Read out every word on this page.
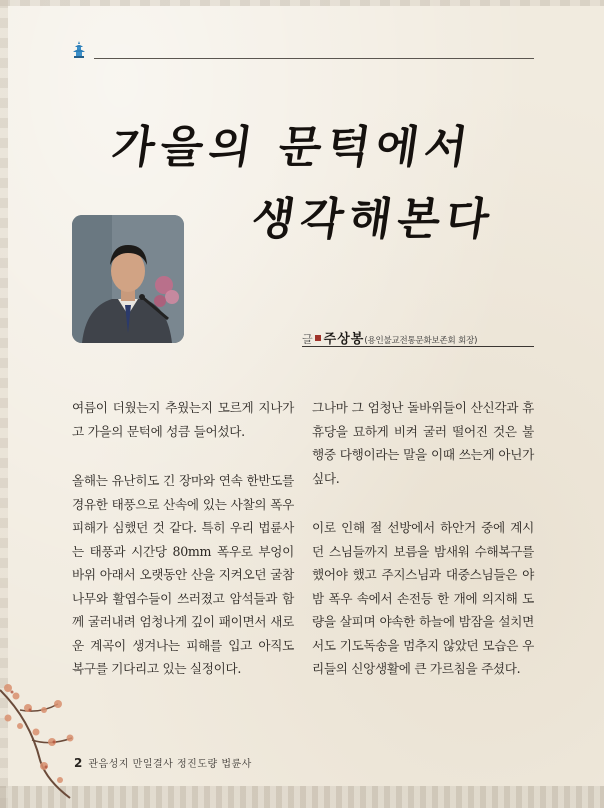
가을의 문턱에서
생각해본다
글 주상봉(용인불교전통문화보존회 회장)

여름이 더웠는지 추웠는지 모르게 지나가고 가을의 문턱에 성큼 들어섰다.

올해는 유난히도 긴 장마와 연속 한반도를 경유한 태풍으로 산속에 있는 사찰의 폭우피해가 심했던 것 같다. 특히 우리 법륜사는 태풍과 시간당 80mm 폭우로 부엉이바위 아래서 오랫동안 산을 지켜오던 굴참나무와 활엽수들이 쓰러졌고 암석들과 함께 굴러내려 엄청나게 깊이 패이면서 새로운 계곡이 생겨나는 피해를 입고 아직도 복구를 기다리고 있는 실정이다.

그나마 그 엄청난 돌바위들이 산신각과 휴휴당을 묘하게 비켜 굴러 떨어진 것은 불행중 다행이라는 말을 이때 쓰는게 아닌가 싶다.

이로 인해 절 선방에서 하안거 중에 계시던 스님들까지 보름을 밤새워 수해복구를 했어야 했고 주지스님과 대중스님들은 야밤 폭우 속에서 손전등 한 개에 의지해 도량을 살피며 야속한 하늘에 밤잠을 설치면서도 기도독송을 멈추지 않았던 모습은 우리들의 신앙생활에 큰 가르침을 주셨다.

2 관음성지 만일결사 정진도량 법륜사
